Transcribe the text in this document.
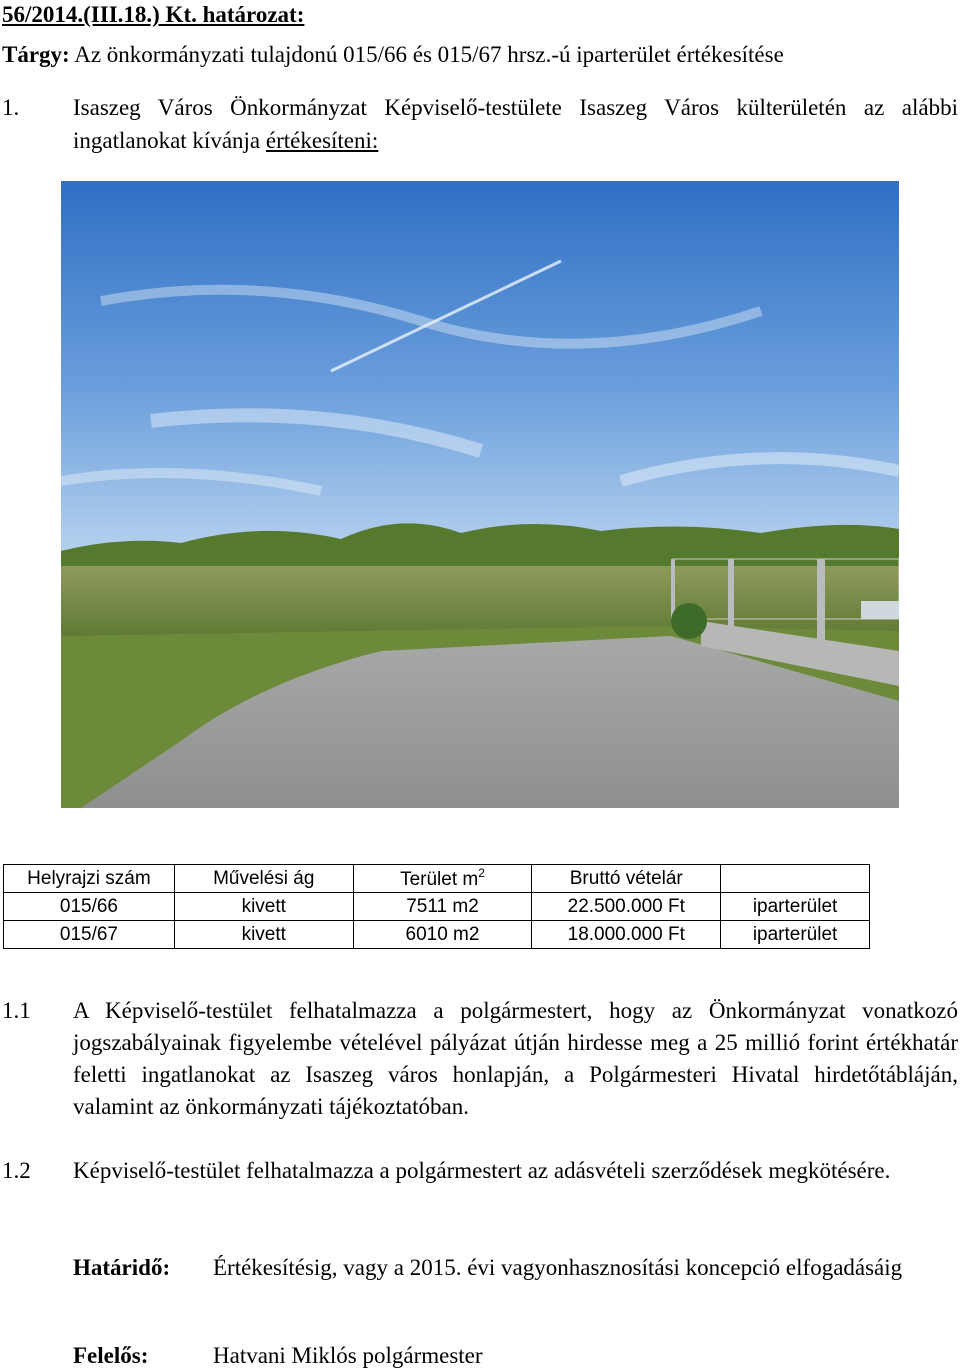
56/2014.(III.18.) Kt. határozat:
Tárgy: Az önkormányzati tulajdonú 015/66 és 015/67 hrsz.-ú iparterület értékesítése
1. Isaszeg Város Önkormányzat Képviselő-testülete Isaszeg Város külterületén az alábbi ingatlanokat kívánja értékesíteni:
Helyrajzi szám	Művelési ág	Terület $m^2$	Bruttó vételár	
015/66	kivett	7511 m2	22.500.000 Ft	iparterület
015/67	kivett	6010 m2	18.000.000 Ft	iparterület
1.1 A Képviselő-testület felhatalmazza a polgármestert, hogy az Önkormányzat vonatkozó jogszabályainak figyelembe vételével pályázat útján hirdesse meg a 25 millió forint értékhatár feletti ingatlanokat az Isaszeg város honlapján, a Polgármesteri Hivatal hirdetőtábláján, valamint az önkormányzati tájékoztatóban.
1.2 Képviselő-testület felhatalmazza a polgármestert az adásvételi szerződések megkötésére.
Határidő: Értékesítésig, vagy a 2015. évi vagyonhasznosítási koncepció elfogadásáig
Felelős:	Hatvani Miklós polgármester
